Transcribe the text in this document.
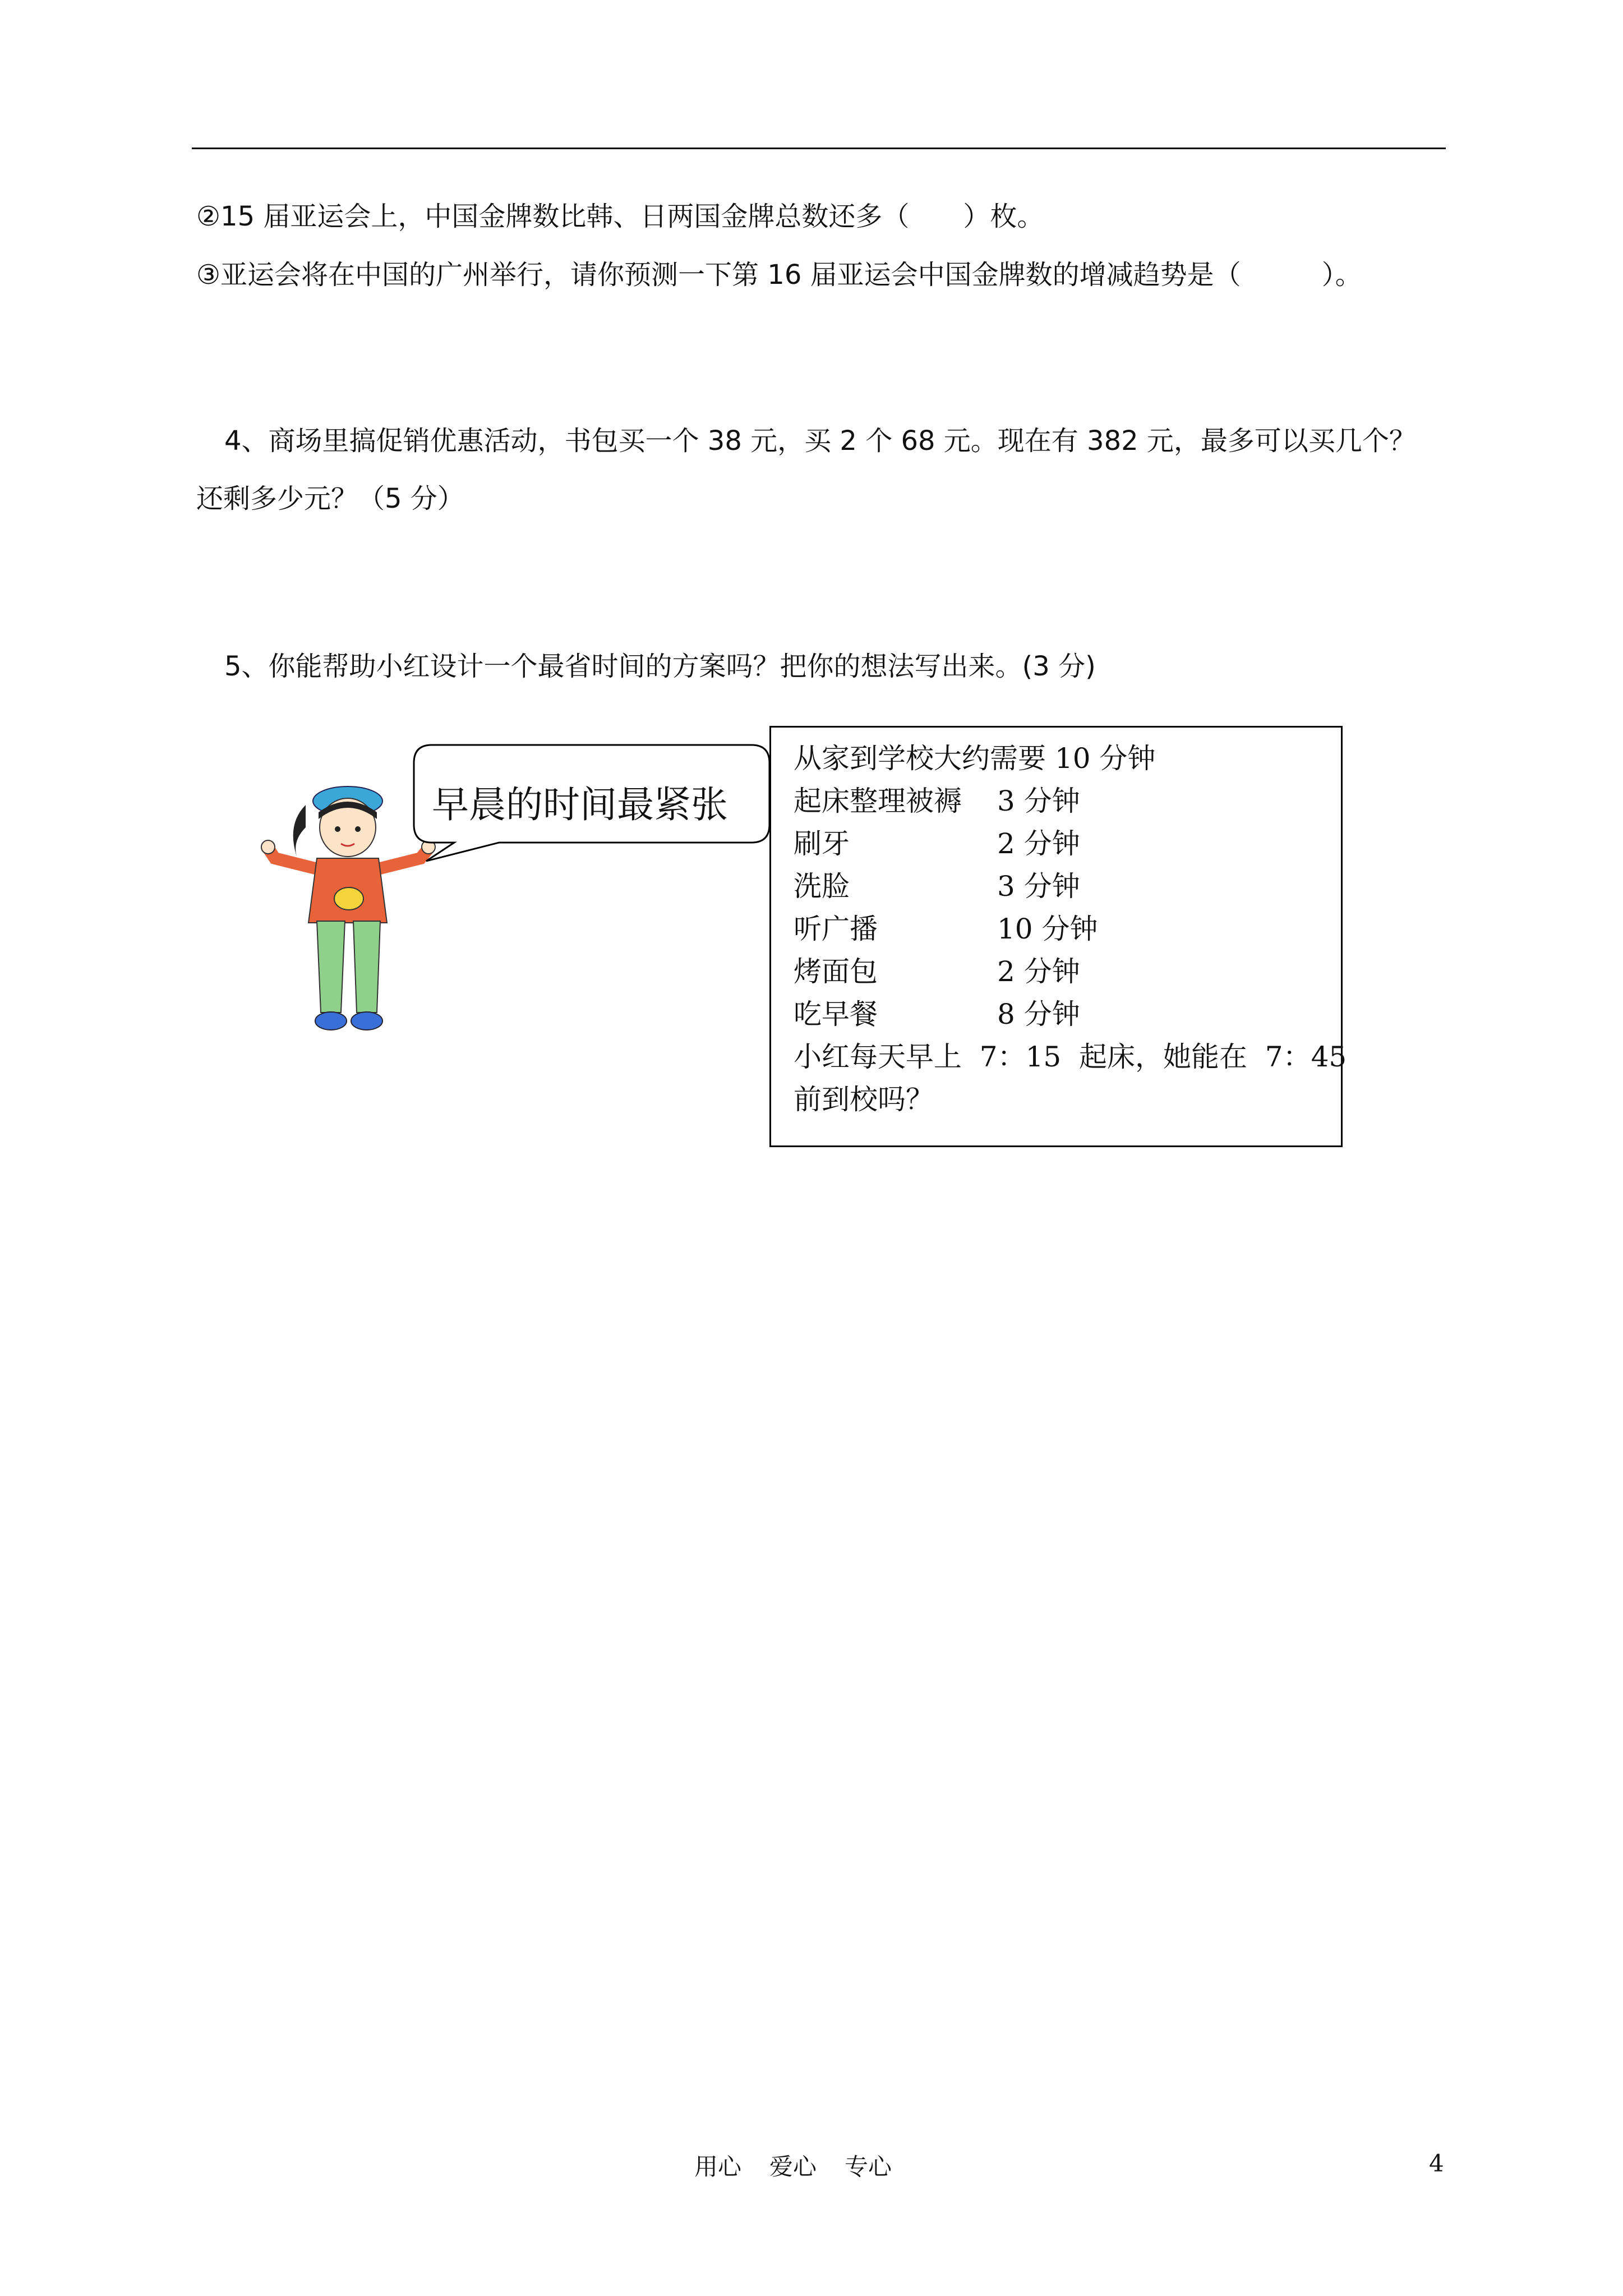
②15 届亚运会上，中国金牌数比韩、日两国金牌总数还多（　　）枚。
③亚运会将在中国的广州举行，请你预测一下第 16 届亚运会中国金牌数的增减趋势是（　　　）。
4、商场里搞促销优惠活动，书包买一个 38 元，买 2 个 68 元。现在有 382 元，最多可以买几个？
还剩多少元？（5 分）
5、你能帮助小红设计一个最省时间的方案吗？把你的想法写出来。(3 分)
早晨的时间最紧张
从家到学校大约需要 10 分钟
起床整理被褥 3 分钟
刷牙	2 分钟
洗脸	3 分钟
听广播	10 分钟
烤面包	2 分钟
吃早餐	8 分钟
小红每天早上  7：15  起床，她能在  7：45
前到校吗？
用心 爱心 专心	4
